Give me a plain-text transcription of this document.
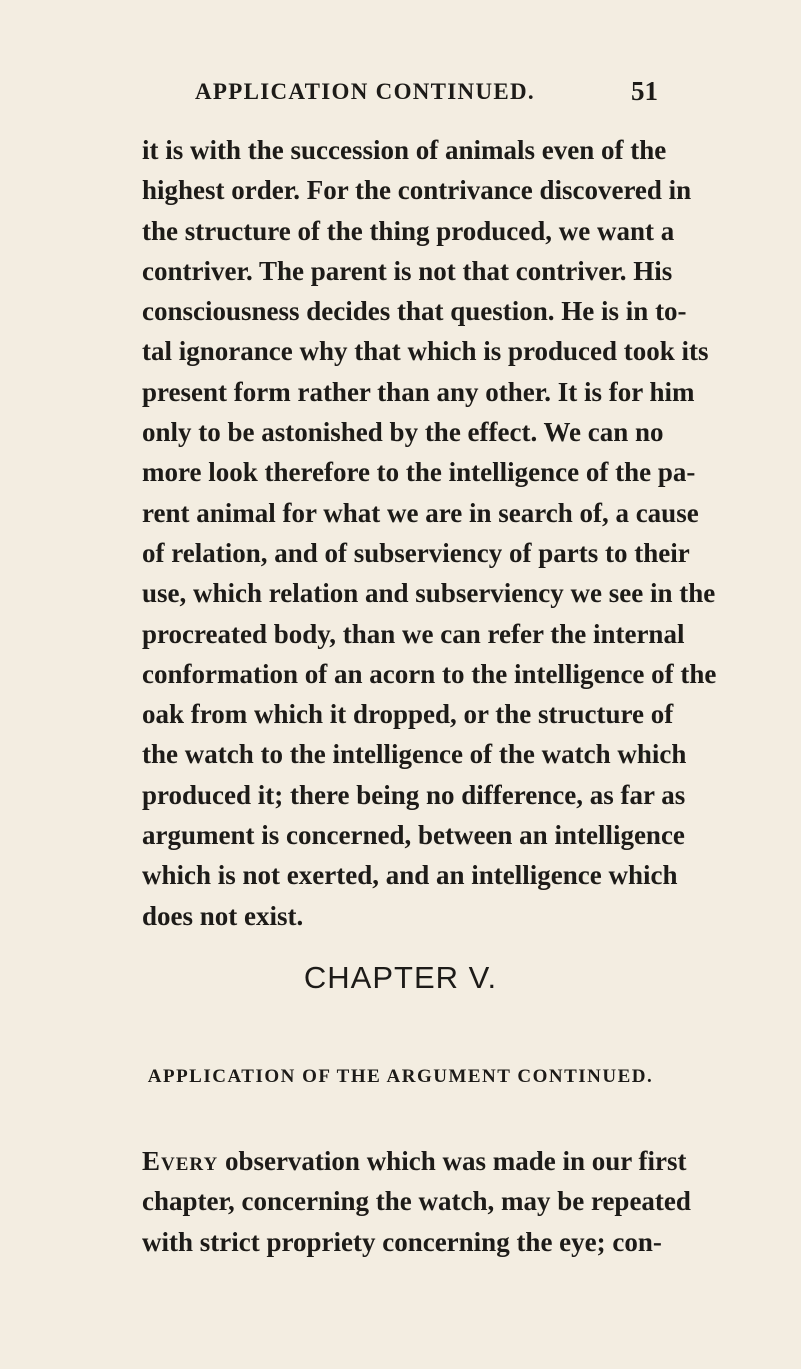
APPLICATION CONTINUED.	51
it is with the succession of animals even of the
highest order. For the contrivance discovered in
the structure of the thing produced, we want a
contriver. The parent is not that contriver. His
consciousness decides that question. He is in to-
tal ignorance why that which is produced took its
present form rather than any other. It is for him
only to be astonished by the effect. We can no
more look therefore to the intelligence of the pa-
rent animal for what we are in search of, a cause
of relation, and of subserviency of parts to their
use, which relation and subserviency we see in the
procreated body, than we can refer the internal
conformation of an acorn to the intelligence of the
oak from which it dropped, or the structure of
the watch to the intelligence of the watch which
produced it; there being no difference, as far as
argument is concerned, between an intelligence
which is not exerted, and an intelligence which
does not exist.
CHAPTER V.
APPLICATION OF THE ARGUMENT CONTINUED.
Every observation which was made in our first
chapter, concerning the watch, may be repeated
with strict propriety concerning the eye; con-
